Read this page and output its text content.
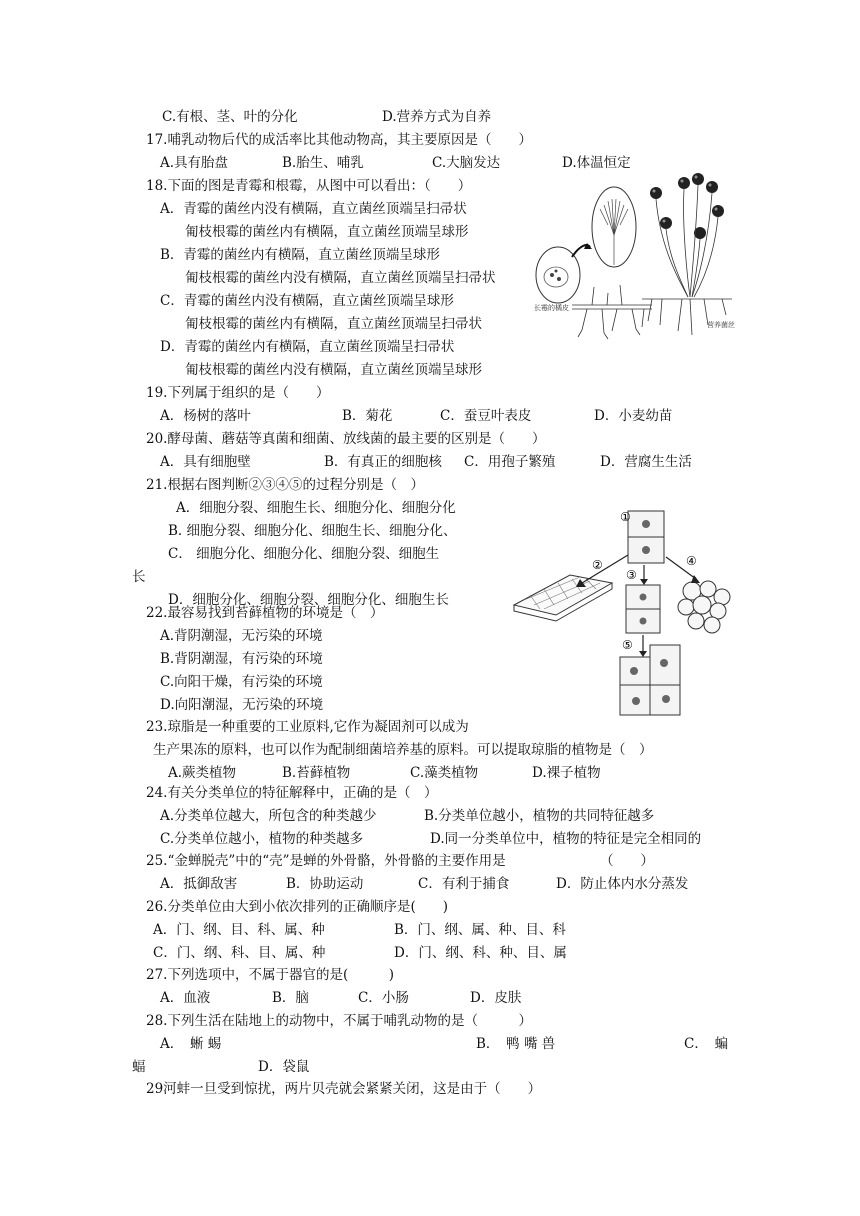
C.有根、茎、叶的分化	D.营养方式为自养
17.哺乳动物后代的成活率比其他动物高，其主要原因是（　　）
A.具有胎盘	B.胎生、哺乳	C.大脑发达	D.体温恒定
18.下面的图是青霉和根霉，从图中可以看出：（　　）
A．青霉的菌丝内没有横隔，直立菌丝顶端呈扫帚状
匍枝根霉的菌丝内有横隔，直立菌丝顶端呈球形
B．青霉的菌丝内有横隔，直立菌丝顶端呈球形
匍枝根霉的菌丝内没有横隔，直立菌丝顶端呈扫帚状
C．青霉的菌丝内没有横隔，直立菌丝顶端呈球形
匍枝根霉的菌丝内有横隔，直立菌丝顶端呈扫帚状
D．青霉的菌丝内有横隔，直立菌丝顶端呈扫帚状
匍枝根霉的菌丝内没有横隔，直立菌丝顶端呈球形
长霉的橘皮
营养菌丝
19.下列属于组织的是（　　）
A．杨树的落叶	B．菊花	C．蚕豆叶表皮	D．小麦幼苗
20.酵母菌、蘑菇等真菌和细菌、放线菌的最主要的区别是（　　）
A．具有细胞壁	B．有真正的细胞核 C．用孢子繁殖	D．营腐生生活
21.根据右图判断②③④⑤的过程分别是（　）
A．细胞分裂、细胞生长、细胞分化、细胞分化
B. 细胞分裂、细胞分化、细胞生长、细胞分化、
C． 细胞分化、细胞分化、细胞分裂、细胞生
长
D．细胞分化、细胞分裂、细胞分化、细胞生长
①
②
③
④
⑤
22.最容易找到苔藓植物的环境是（　）
A.背阴潮湿，无污染的环境
B.背阴潮湿，有污染的环境
C.向阳干燥，有污染的环境
D.向阳潮湿，无污染的环境
23.琼脂是一种重要的工业原料,它作为凝固剂可以成为
生产果冻的原料，也可以作为配制细菌培养基的原料。可以提取琼脂的植物是（　）
A.蕨类植物	B.苔藓植物	C.藻类植物	D.裸子植物
24.有关分类单位的特征解释中，正确的是（　）
A.分类单位越大，所包含的种类越少	B.分类单位越小，植物的共同特征越多
C.分类单位越小，植物的种类越多	D.同一分类单位中，植物的特征是完全相同的
25.“金蝉脱壳”中的“壳”是蝉的外骨骼，外骨骼的主要作用是	（　　）
A．抵御敌害	B．协助运动	C．有利于捕食	D．防止体内水分蒸发
26.分类单位由大到小依次排列的正确顺序是(　　)
A．门、纲、目、科、属、种	B．门、纲、属、种、目、科
C．门、纲、科、目、属、种	D．门、纲、科、种、目、属
27.下列选项中，不属于器官的是(　　　)
A．血液	B．脑	C．小肠	D．皮肤
28.下列生活在陆地上的动物中，不属于哺乳动物的是（　　　）
A．　蜥 蜴	B．　鸭 嘴 兽	C．　蝙
蝠	D．袋鼠
29河蚌一旦受到惊扰，两片贝壳就会紧紧关闭，这是由于（　　）
